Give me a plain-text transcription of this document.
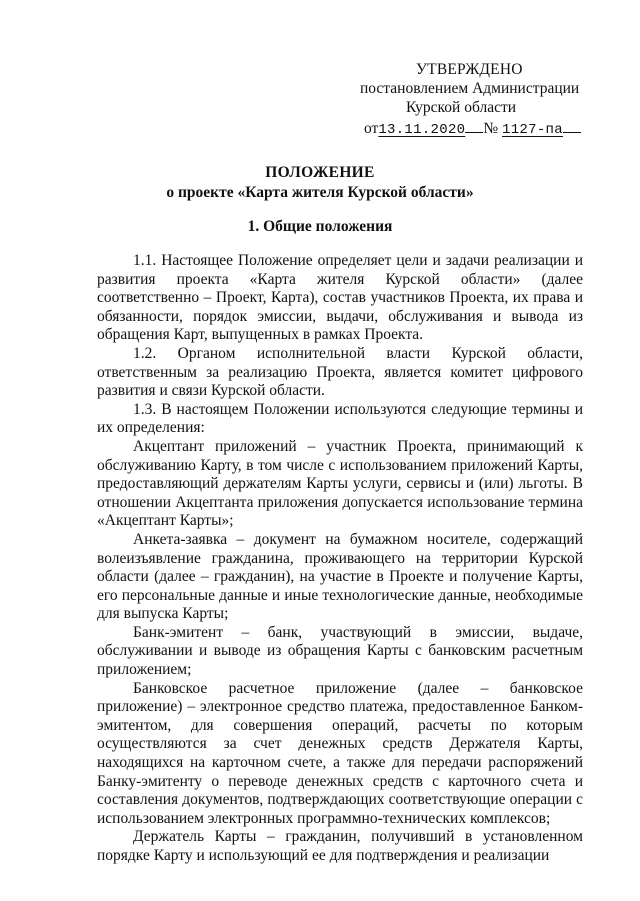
УТВЕРЖДЕНО
постановлением Администрации
Курской области
от13.11.2020 № 1127-па
ПОЛОЖЕНИЕ
о проекте «Карта жителя Курской области»
1. Общие положения

1.1. Настоящее Положение определяет цели и задачи реализации и развития проекта «Карта жителя Курской области» (далее соответственно – Проект, Карта), состав участников Проекта, их права и обязанности, порядок эмиссии, выдачи, обслуживания и вывода из обращения Карт, выпущенных в рамках Проекта.

1.2. Органом исполнительной власти Курской области, ответственным за реализацию Проекта, является комитет цифрового развития и связи Курской области.

1.3. В настоящем Положении используются следующие термины и их определения:

Акцептант приложений – участник Проекта, принимающий к обслуживанию Карту, в том числе с использованием приложений Карты, предоставляющий держателям Карты услуги, сервисы и (или) льготы. В отношении Акцептанта приложения допускается использование термина «Акцептант Карты»;

Анкета-заявка – документ на бумажном носителе, содержащий волеизъявление гражданина, проживающего на территории Курской области (далее – гражданин), на участие в Проекте и получение Карты, его персональные данные и иные технологические данные, необходимые для выпуска Карты;

Банк-эмитент – банк, участвующий в эмиссии, выдаче, обслуживании и выводе из обращения Карты с банковским расчетным приложением;

Банковское расчетное приложение (далее – банковское приложение) – электронное средство платежа, предоставленное Банком-эмитентом, для совершения операций, расчеты по которым осуществляются за счет денежных средств Держателя Карты, находящихся на карточном счете, а также для передачи распоряжений Банку-эмитенту о переводе денежных средств с карточного счета и составления документов, подтверждающих соответствующие операции с использованием электронных программно-технических комплексов;

Держатель Карты – гражданин, получивший в установленном порядке Карту и использующий ее для подтверждения и реализации
